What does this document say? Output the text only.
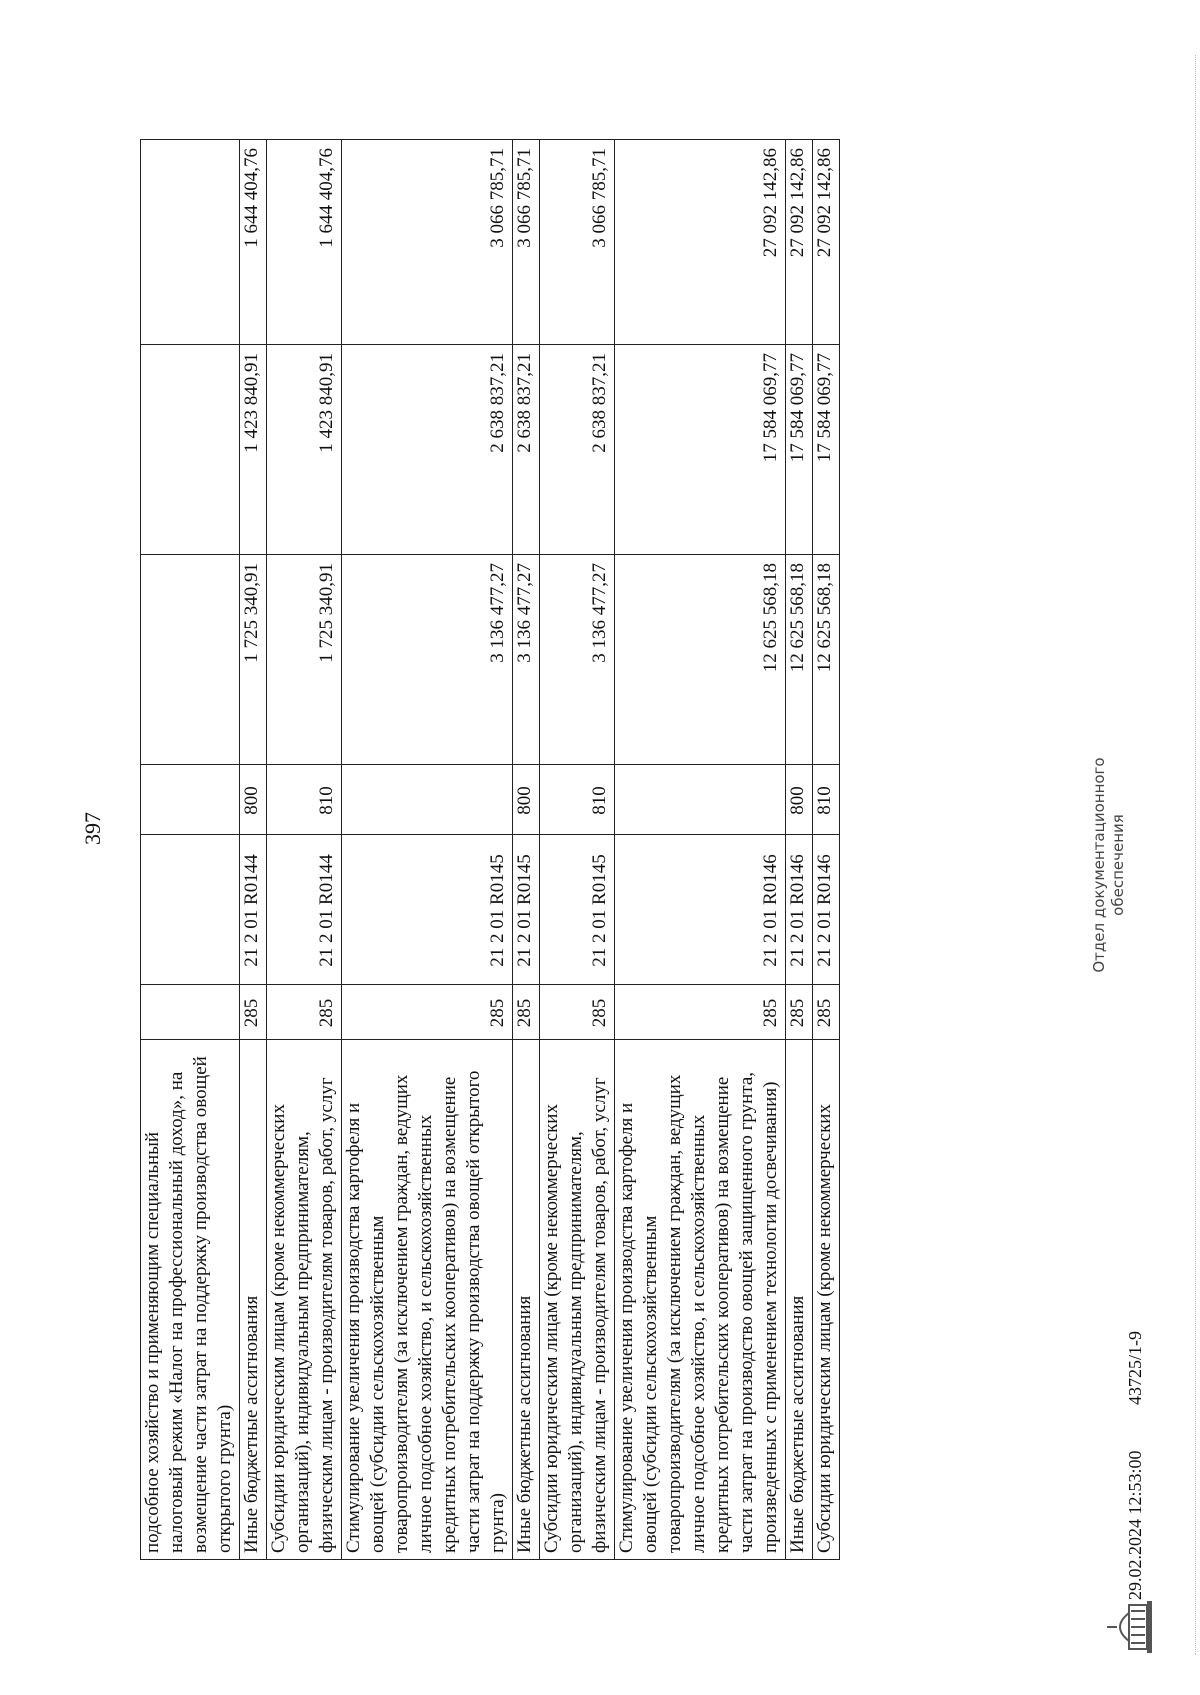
397
подсобное хозяйство и применяющим специальный налоговый режим «Налог на профессиональный доход», на возмещение части затрат на поддержку производства овощей открытого грунта)						
Иные бюджетные ассигнования	285	21 2 01 R0144	800	1 725 340,91	1 423 840,91	1 644 404,76
Субсидии юридическим лицам (кроме некоммерческих организаций), индивидуальным предпринимателям, физическим лицам - производителям товаров, работ, услуг	285	21 2 01 R0144	810	1 725 340,91	1 423 840,91	1 644 404,76
Стимулирование увеличения производства картофеля и овощей (субсидии сельскохозяйственным товаропроизводителям (за исключением граждан, ведущих личное подсобное хозяйство, и сельскохозяйственных кредитных потребительских кооперативов) на возмещение части затрат на поддержку производства овощей открытого грунта)	285	21 2 01 R0145		3 136 477,27	2 638 837,21	3 066 785,71
Иные бюджетные ассигнования	285	21 2 01 R0145	800	3 136 477,27	2 638 837,21	3 066 785,71
Субсидии юридическим лицам (кроме некоммерческих организаций), индивидуальным предпринимателям, физическим лицам - производителям товаров, работ, услуг	285	21 2 01 R0145	810	3 136 477,27	2 638 837,21	3 066 785,71
Стимулирование увеличения производства картофеля и овощей (субсидии сельскохозяйственным товаропроизводителям (за исключением граждан, ведущих личное подсобное хозяйство, и сельскохозяйственных кредитных потребительских кооперативов) на возмещение части затрат на производство овощей защищенного грунта, произведенных с применением технологии досвечивания)	285	21 2 01 R0146		12 625 568,18	17 584 069,77	27 092 142,86
Иные бюджетные ассигнования	285	21 2 01 R0146	800	12 625 568,18	17 584 069,77	27 092 142,86
Субсидии юридическим лицам (кроме некоммерческих	285	21 2 01 R0146	810	12 625 568,18	17 584 069,77	27 092 142,86
29.02.2024 12:53:00
43725/1-9
Отдел документационного обеспечения
